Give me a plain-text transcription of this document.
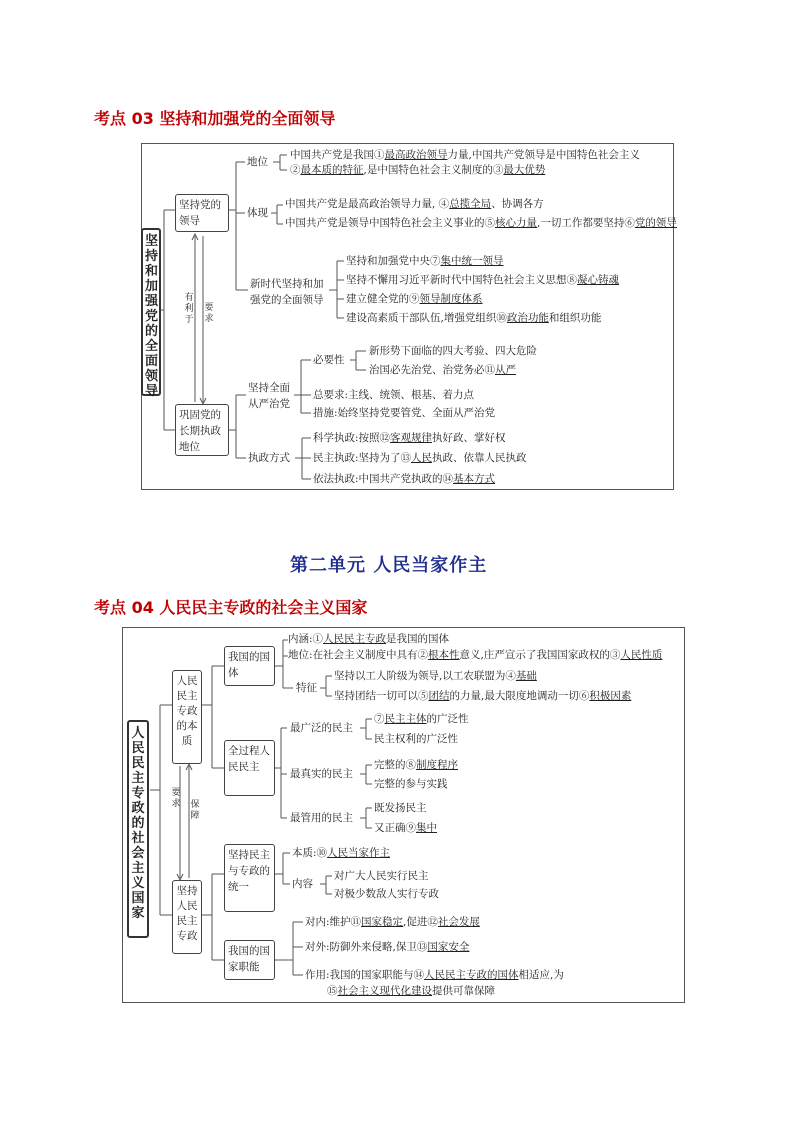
考点 03 坚持和加强党的全面领导
坚持和加强党的全面领导
坚持党的领导
巩固党的长期执政地位
有利于
要求
地位
中国共产党是我国①最高政治领导力量,中国共产党领导是中国特色社会主义
②最本质的特征,是中国特色社会主义制度的③最大优势
体现
中国共产党是最高政治领导力量, ④总揽全局、协调各方
中国共产党是领导中国特色社会主义事业的⑤核心力量,一切工作都要坚持⑥党的领导
新时代坚持和加强党的全面领导
坚持和加强党中央⑦集中统一领导
坚持不懈用习近平新时代中国特色社会主义思想⑧凝心铸魂
建立健全党的⑨领导制度体系
建设高素质干部队伍,增强党组织⑩政治功能和组织功能
坚持全面从严治党
必要性
新形势下面临的四大考验、四大危险
治国必先治党、治党务必⑪从严
总要求:主线、统领、根基、着力点
措施:始终坚持党要管党、全面从严治党
执政方式
科学执政:按照⑫客观规律执好政、掌好权
民主执政:坚持为了⑬人民执政、依靠人民执政
依法执政:中国共产党执政的⑭基本方式
第二单元 人民当家作主
考点 04 人民民主专政的社会主义国家
人民民主专政的社会主义国家
人民民主专政的本质
坚持人民民主专政
要求 保障
我国的国体
内涵:①人民民主专政是我国的国体
地位:在社会主义制度中具有②根本性意义,庄严宣示了我国国家政权的③人民性质
特征
坚持以工人阶级为领导,以工农联盟为④基础
坚持团结一切可以⑤团结的力量,最大限度地调动一切⑥积极因素
全过程人民民主
最广泛的民主
⑦民主主体的广泛性
民主权利的广泛性
最真实的民主
完整的⑧制度程序
完整的参与实践
最管用的民主
既发扬民主
又正确⑨集中
坚持民主与专政的统一
本质:⑩人民当家作主
内容
对广大人民实行民主
对极少数敌人实行专政
我国的国家职能
对内:维护⑪国家稳定,促进⑫社会发展
对外:防御外来侵略,保卫⑬国家安全
作用:我国的国家职能与⑭人民民主专政的国体相适应,为
⑮社会主义现代化建设提供可靠保障
